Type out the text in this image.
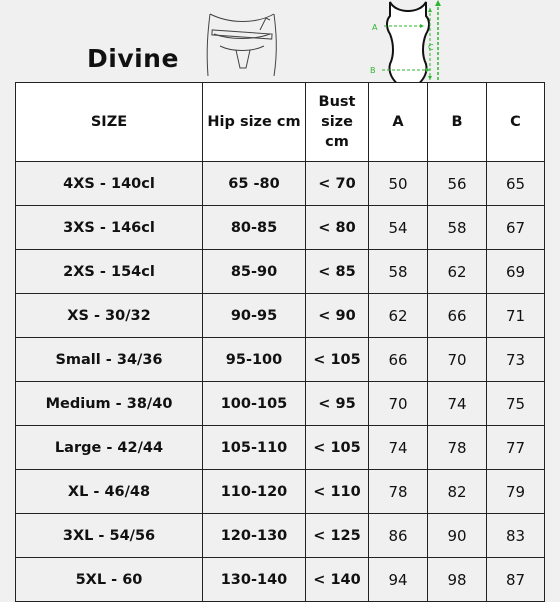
Divine
A
B
C
SIZE	Hip size cm	Bust
size
cm	A	B	C
4XS - 140cl	65 -80	< 70	50	56	65
3XS - 146cl	80-85	< 80	54	58	67
2XS - 154cl	85-90	< 85	58	62	69
XS - 30/32	90-95	< 90	62	66	71
Small - 34/36	95-100	< 105	66	70	73
Medium - 38/40	100-105	< 95	70	74	75
Large - 42/44	105-110	< 105	74	78	77
XL - 46/48	110-120	< 110	78	82	79
3XL - 54/56	120-130	< 125	86	90	83
5XL - 60	130-140	< 140	94	98	87
